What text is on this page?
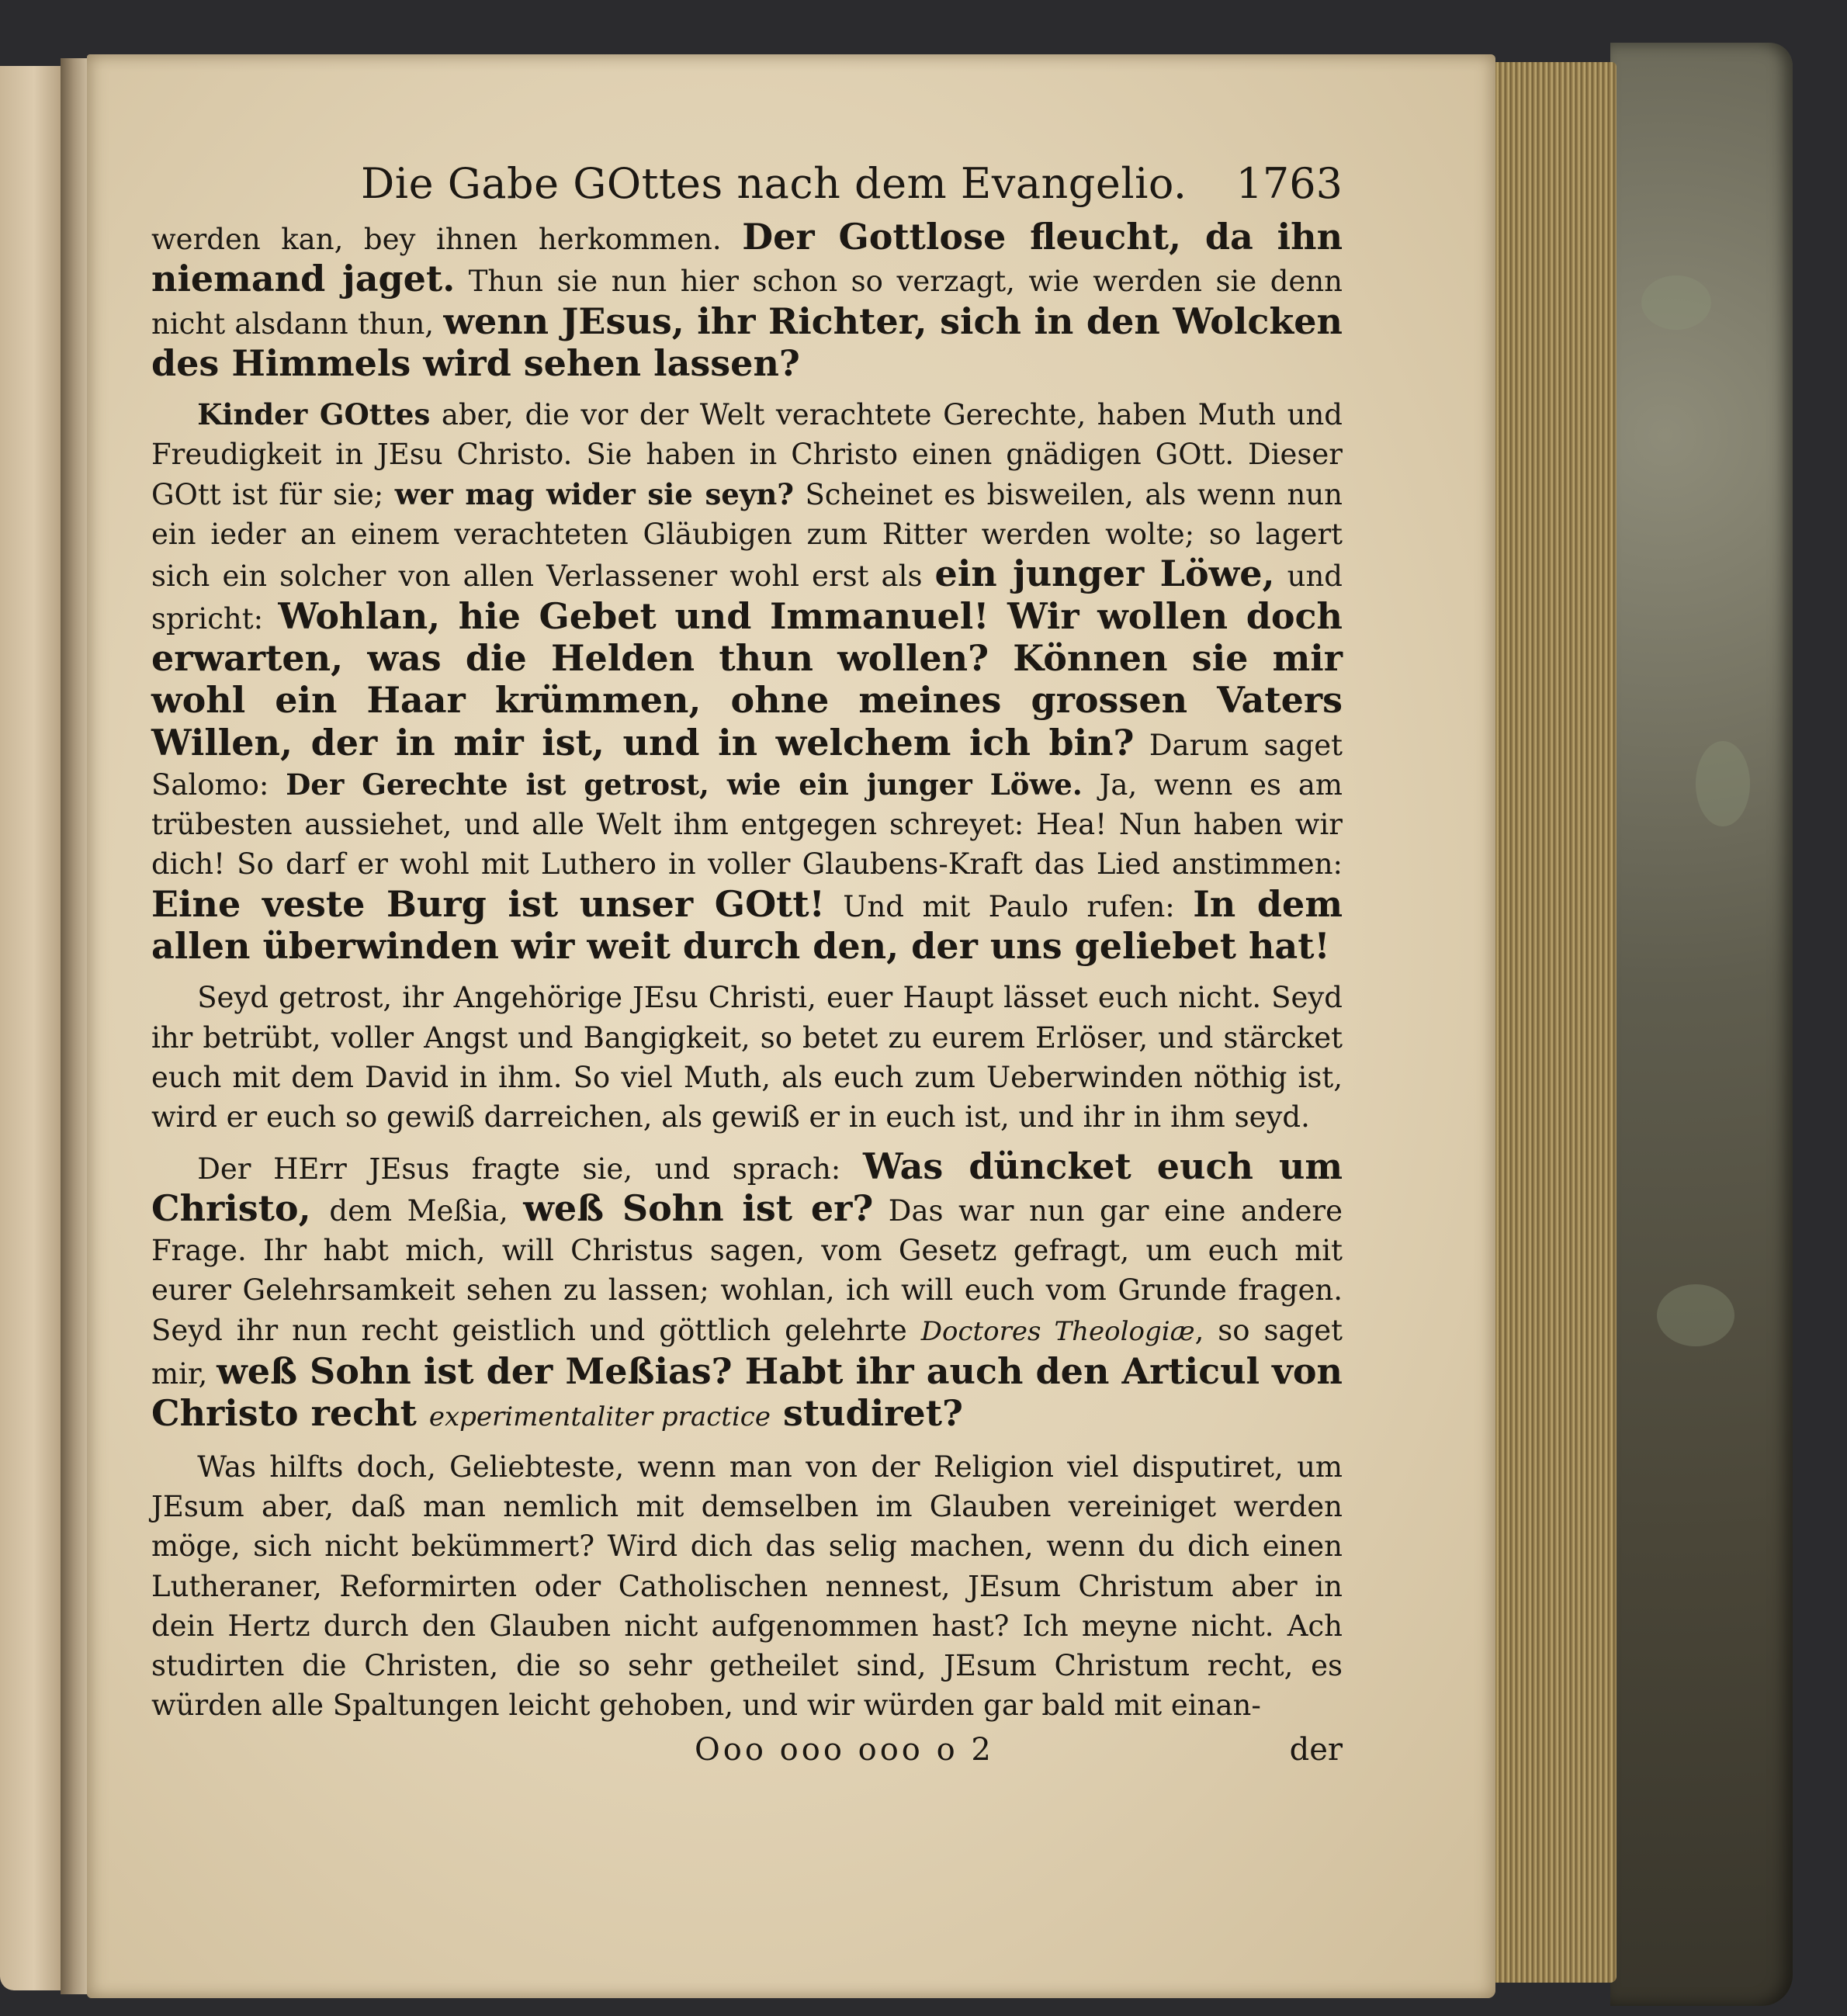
Die Gabe GOttes nach dem Evangelio. 1763

werden kan, bey ihnen herkommen. Der Gottlose fleucht, da ihn niemand jaget. Thun sie nun hier schon so verzagt, wie werden sie denn nicht alsdann thun, wenn JEsus, ihr Richter, sich in den Wolcken des Himmels wird sehen lassen?

Kinder GOttes aber, die vor der Welt verachtete Gerechte, haben Muth und Freudigkeit in JEsu Christo. Sie haben in Christo einen gnädigen GOtt. Dieser GOtt ist für sie; wer mag wider sie seyn? Scheinet es bisweilen, als wenn nun ein ieder an einem verachteten Gläubigen zum Ritter werden wolte; so lagert sich ein solcher von allen Verlassener wohl erst als ein junger Löwe, und spricht: Wohlan, hie Gebet und Immanuel! Wir wollen doch erwarten, was die Helden thun wollen? Können sie mir wohl ein Haar krümmen, ohne meines grossen Vaters Willen, der in mir ist, und in welchem ich bin? Darum saget Salomo: Der Gerechte ist getrost, wie ein junger Löwe. Ja, wenn es am trübesten aussiehet, und alle Welt ihm entgegen schreyet: Hea! Nun haben wir dich! So darf er wohl mit Luthero in voller Glaubens-Kraft das Lied anstimmen: Eine veste Burg ist unser GOtt! Und mit Paulo rufen: In dem allen überwinden wir weit durch den, der uns geliebet hat!

Seyd getrost, ihr Angehörige JEsu Christi, euer Haupt lässet euch nicht. Seyd ihr betrübt, voller Angst und Bangigkeit, so betet zu eurem Erlöser, und stärcket euch mit dem David in ihm. So viel Muth, als euch zum Ueberwinden nöthig ist, wird er euch so gewiß darreichen, als gewiß er in euch ist, und ihr in ihm seyd.

Der HErr JEsus fragte sie, und sprach: Was düncket euch um Christo, dem Meßia, weß Sohn ist er? Das war nun gar eine andere Frage. Ihr habt mich, will Christus sagen, vom Gesetz gefragt, um euch mit eurer Gelehrsamkeit sehen zu lassen; wohlan, ich will euch vom Grunde fragen. Seyd ihr nun recht geistlich und göttlich gelehrte Doctores Theologiæ, so saget mir, weß Sohn ist der Meßias? Habt ihr auch den Articul von Christo recht experimentaliter practice studiret?

Was hilfts doch, Geliebteste, wenn man von der Religion viel disputiret, um JEsum aber, daß man nemlich mit demselben im Glauben vereiniget werden möge, sich nicht bekümmert? Wird dich das selig machen, wenn du dich einen Lutheraner, Reformirten oder Catholischen nennest, JEsum Christum aber in dein Hertz durch den Glauben nicht aufgenommen hast? Ich meyne nicht. Ach studirten die Christen, die so sehr getheilet sind, JEsum Christum recht, es würden alle Spaltungen leicht gehoben, und wir würden gar bald mit einan-

Ooo ooo ooo o 2	der
